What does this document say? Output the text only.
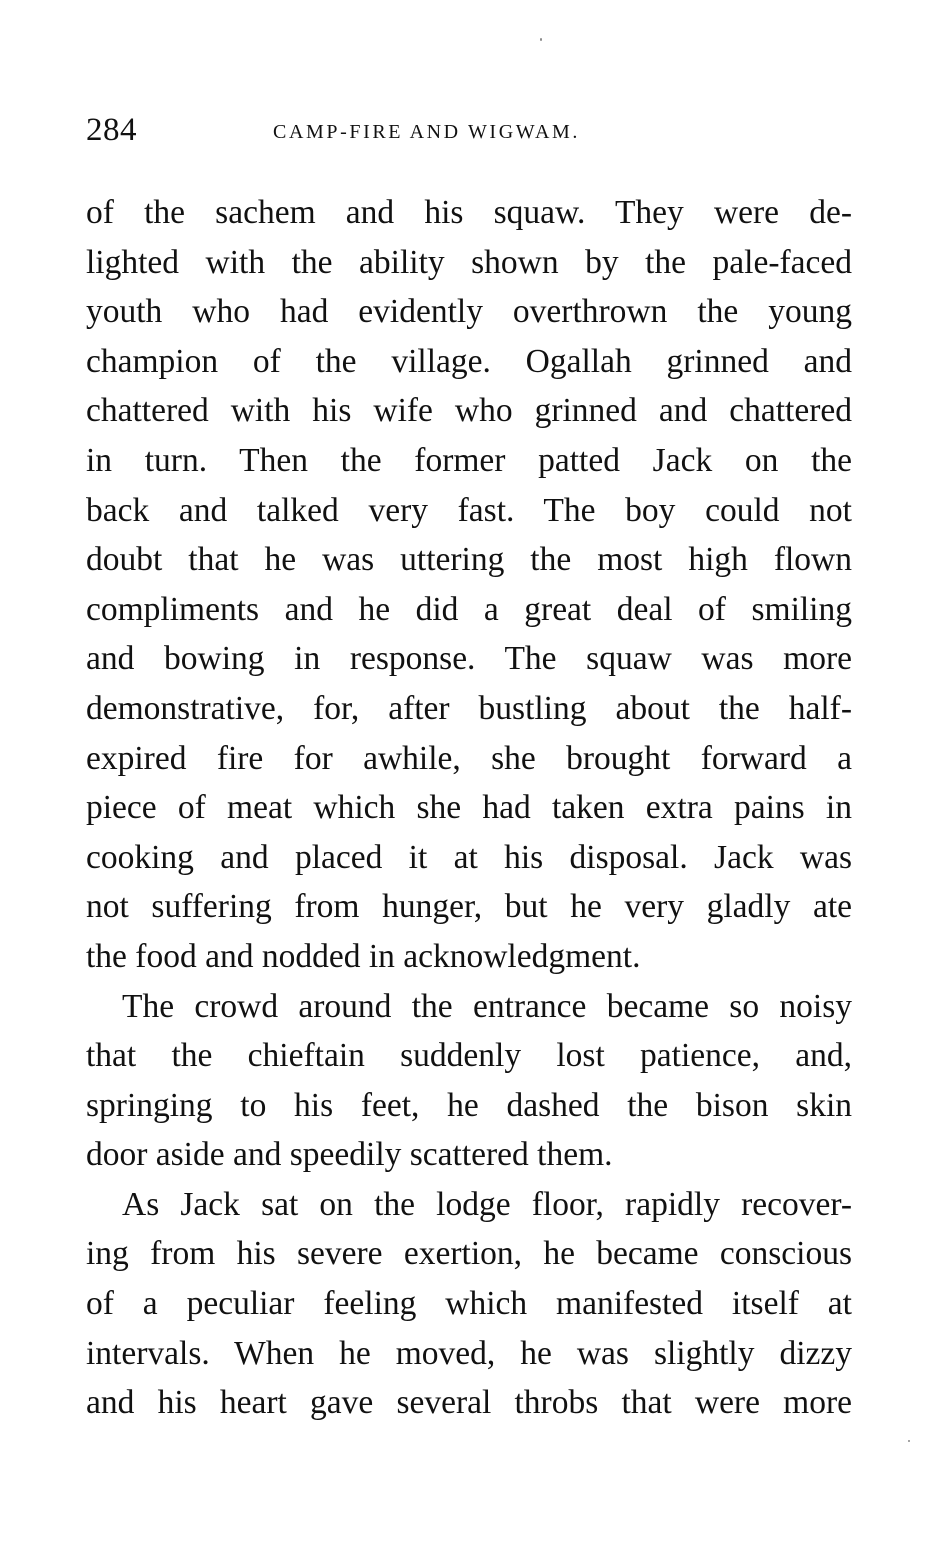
284	CAMP-FIRE AND WIGWAM.
of the sachem and his squaw. They were de-
lighted with the ability shown by the pale-faced
youth who had evidently overthrown the young
champion of the village. Ogallah grinned and
chattered with his wife who grinned and chattered
in turn. Then the former patted Jack on the
back and talked very fast. The boy could not
doubt that he was uttering the most high flown
compliments and he did a great deal of smiling
and bowing in response. The squaw was more
demonstrative, for, after bustling about the half-
expired fire for awhile, she brought forward a
piece of meat which she had taken extra pains in
cooking and placed it at his disposal. Jack was
not suffering from hunger, but he very gladly ate
the food and nodded in acknowledgment.
The crowd around the entrance became so noisy
that the chieftain suddenly lost patience, and,
springing to his feet, he dashed the bison skin
door aside and speedily scattered them.
As Jack sat on the lodge floor, rapidly recover-
ing from his severe exertion, he became conscious
of a peculiar feeling which manifested itself at
intervals. When he moved, he was slightly dizzy
and his heart gave several throbs that were more
